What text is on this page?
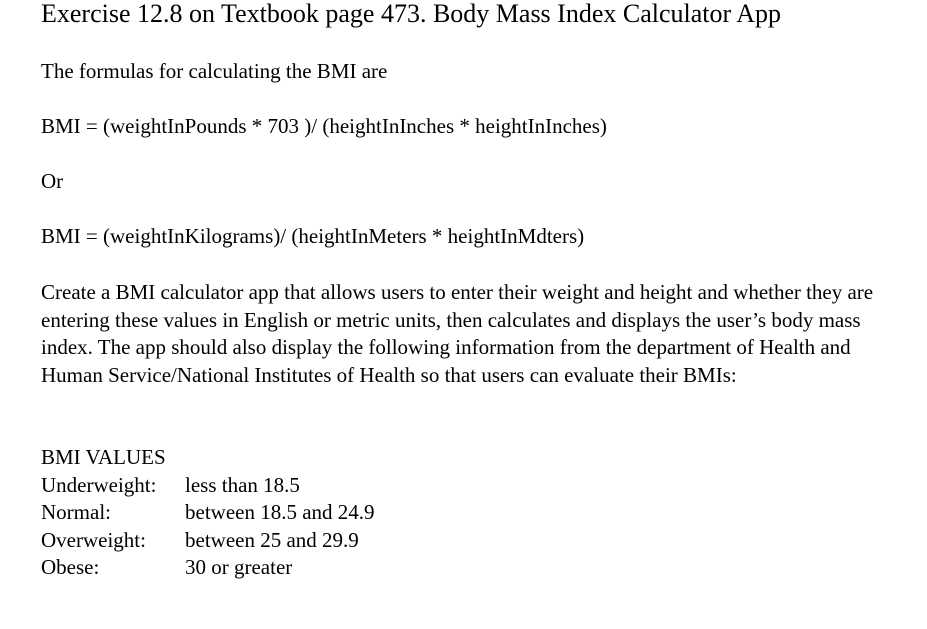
Exercise 12.8 on Textbook page 473. Body Mass Index Calculator App

The formulas for calculating the BMI are

BMI = (weightInPounds * 703 )/ (heightInInches * heightInInches)

Or

BMI = (weightInKilograms)/ (heightInMeters * heightInMdters)

Create a BMI calculator app that allows users to enter their weight and height and whether they are entering these values in English or metric units, then calculates and displays the user’s body mass index. The app should also display the following information from the department of Health and Human Service/National Institutes of Health so that users can evaluate their BMIs:

BMI VALUES
Underweight:	less than 18.5
Normal:	between 18.5 and 24.9
Overweight:	between 25 and 29.9
Obese:	30 or greater
